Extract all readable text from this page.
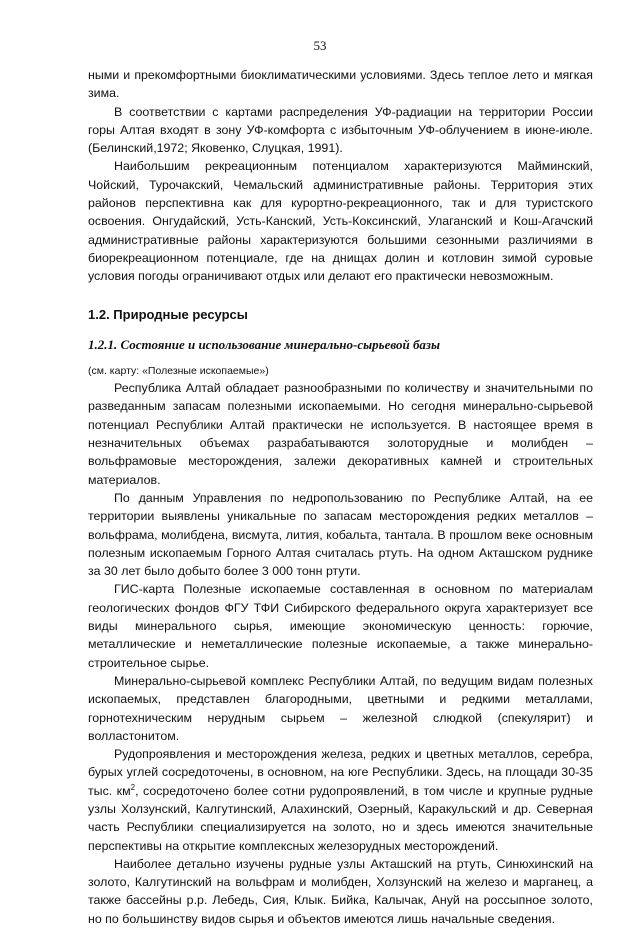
53

ными и прекомфортными биоклиматическими условиями. Здесь теплое лето и мягкая зима.

В соответствии с картами распределения УФ-радиации на территории России горы Алтая входят в зону УФ-комфорта с избыточным УФ-облучением в июне-июле. (Белинский,1972; Яковенко, Слуцкая, 1991).

Наибольшим рекреационным потенциалом характеризуются Майминский, Чойский, Турочакский, Чемальский административные районы. Территория этих районов перспективна как для курортно-рекреационного, так и для туристского освоения. Онгудайский, Усть-Канский, Усть-Коксинский, Улаганский и Кош-Агачский административные районы характеризуются большими сезонными различиями в биорекреационном потенциале, где на днищах долин и котловин зимой суровые условия погоды ограничивают отдых или делают его практически невозможным.

1.2. Природные ресурсы

1.2.1. Состояние и использование минерально-сырьевой базы

(см. карту: «Полезные ископаемые»)

Республика Алтай обладает разнообразными по количеству и значительными по разведанным запасам полезными ископаемыми. Но сегодня минерально-сырьевой потенциал Республики Алтай практически не используется. В настоящее время в незначительных объемах разрабатываются золоторудные и молибден – вольфрамовые месторождения, залежи декоративных камней и строительных материалов.

По данным Управления по недропользованию по Республике Алтай, на ее территории выявлены уникальные по запасам месторождения редких металлов – вольфрама, молибдена, висмута, лития, кобальта, тантала. В прошлом веке основным полезным ископаемым Горного Алтая считалась ртуть. На одном Акташском руднике за 30 лет было добыто более 3 000 тонн ртути.

ГИС-карта Полезные ископаемые составленная в основном по материалам геологических фондов ФГУ ТФИ Сибирского федерального округа характеризует все виды минерального сырья, имеющие экономическую ценность: горючие, металлические и неметаллические полезные ископаемые, а также минерально-строительное сырье.

Минерально-сырьевой комплекс Республики Алтай, по ведущим видам полезных ископаемых, представлен благородными, цветными и редкими металлами, горнотехническим нерудным сырьем – железной слюдкой (спекулярит) и волластонитом.

Рудопроявления и месторождения железа, редких и цветных металлов, серебра, бурых углей сосредоточены, в основном, на юге Республики. Здесь, на площади 30-35 тыс. $км^2$, сосредоточено более сотни рудопроявлений, в том числе и крупные рудные узлы Холзунский, Калгутинский, Алахинский, Озерный, Каракульский и др. Северная часть Республики специализируется на золото, но и здесь имеются значительные перспективы на открытие комплексных железорудных месторождений.

Наиболее детально изучены рудные узлы Акташский на ртуть, Синюхинский на золото, Калгутинский на вольфрам и молибден, Холзунский на железо и марганец, а также бассейны р.р. Лебедь, Сия, Клык. Бийка, Калычак, Ануй на россыпное золото, но по большинству видов сырья и объектов имеются лишь начальные сведения.
